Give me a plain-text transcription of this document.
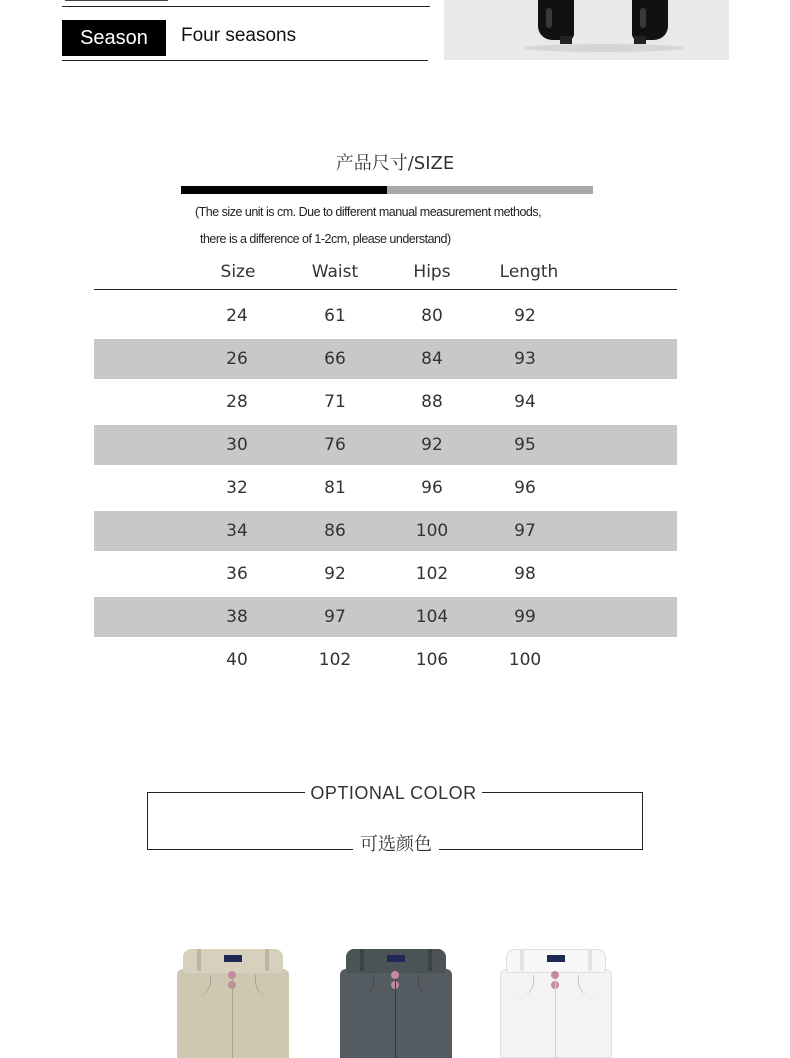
Season	Four seasons
产品尺寸/SIZE
(The size unit is cm. Due to different manual measurement methods,
there is a difference of 1-2cm, please understand)
Size	Waist	Hips	Length
24	61	80	92
26	66	84	93
28	71	88	94
30	76	92	95
32	81	96	96
34	86	100	97
36	92	102	98
38	97	104	99
40	102	106	100
OPTIONAL COLOR
可选颜色
